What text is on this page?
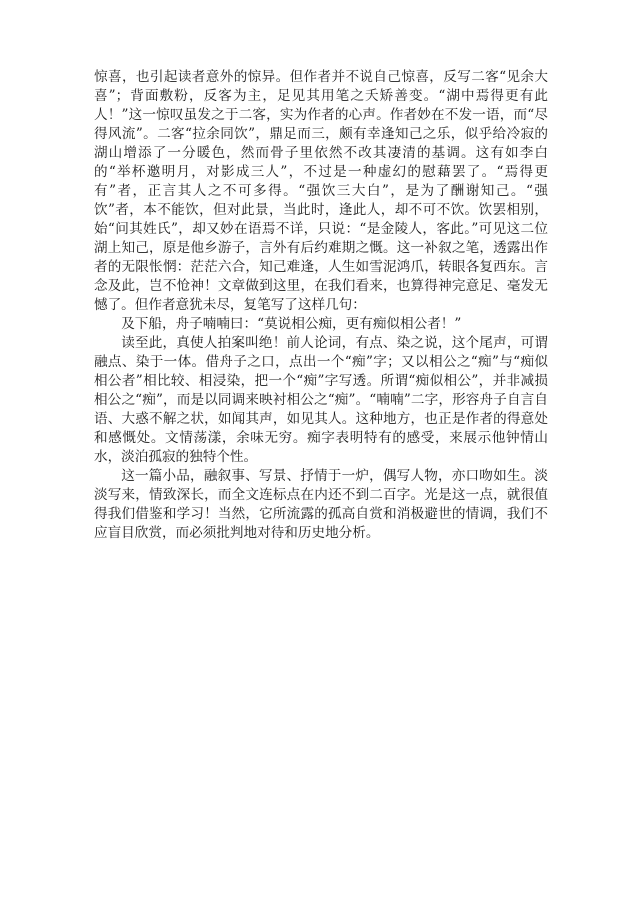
惊喜，也引起读者意外的惊异。但作者并不说自己惊喜，反写二客“见余大喜”；背面敷粉，反客为主，足见其用笔之夭矫善变。“湖中焉得更有此人！”这一惊叹虽发之于二客，实为作者的心声。作者妙在不发一语，而“尽得风流”。二客“拉余同饮”，鼎足而三，颇有幸逢知己之乐，似乎给冷寂的湖山增添了一分暖色，然而骨子里依然不改其凄清的基调。这有如李白的“举杯邀明月，对影成三人”，不过是一种虚幻的慰藉罢了。“焉得更有”者，正言其人之不可多得。“强饮三大白”，是为了酬谢知己。“强饮”者，本不能饮，但对此景，当此时，逢此人，却不可不饮。饮罢相别，始“问其姓氏”，却又妙在语焉不详，只说：“是金陵人，客此。”可见这二位湖上知己，原是他乡游子，言外有后约难期之慨。这一补叙之笔，透露出作者的无限怅惘：茫茫六合，知己难逢，人生如雪泥鸿爪，转眼各复西东。言念及此，岂不怆神！文章做到这里，在我们看来，也算得神完意足、毫发无憾了。但作者意犹未尽，复笔写了这样几句：

及下船，舟子喃喃曰：“莫说相公痴，更有痴似相公者！”

读至此，真使人拍案叫绝！前人论词，有点、染之说，这个尾声，可谓融点、染于一体。借舟子之口，点出一个“痴”字；又以相公之“痴”与“痴似相公者”相比较、相浸染，把一个“痴”字写透。所谓“痴似相公”，并非减损相公之“痴”，而是以同调来映衬相公之“痴”。“喃喃”二字，形容舟子自言自语、大惑不解之状，如闻其声，如见其人。这种地方，也正是作者的得意处和感慨处。文情荡漾，余味无穷。痴字表明特有的感受，来展示他钟情山水，淡泊孤寂的独特个性。

这一篇小品，融叙事、写景、抒情于一炉，偶写人物，亦口吻如生。淡淡写来，情致深长，而全文连标点在内还不到二百字。光是这一点，就很值得我们借鉴和学习！当然，它所流露的孤高自赏和消极避世的情调，我们不应盲目欣赏，而必须批判地对待和历史地分析。
